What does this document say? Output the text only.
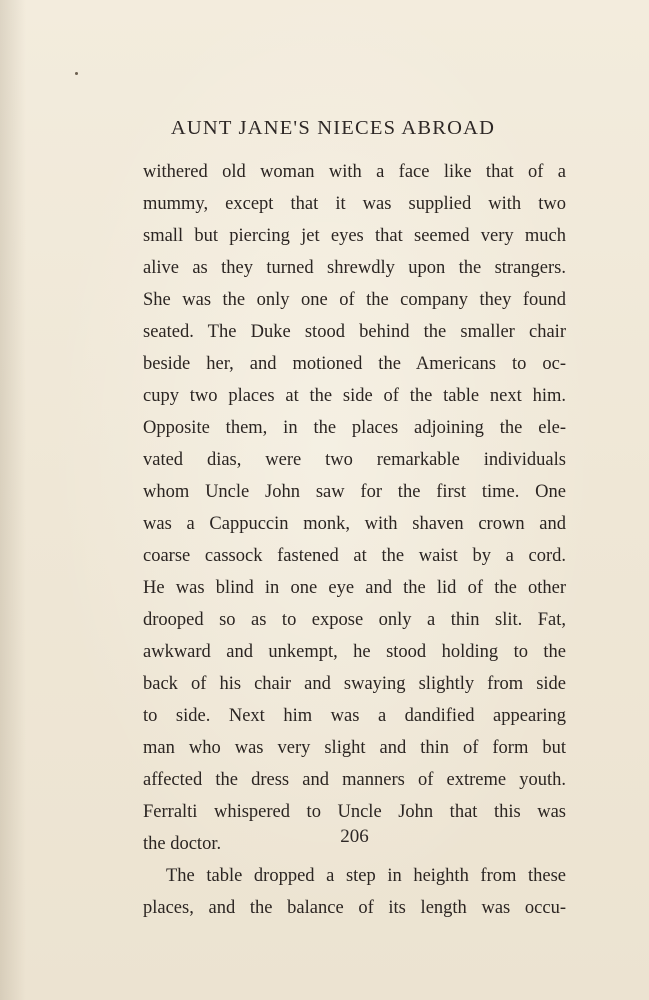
AUNT JANE'S NIECES ABROAD
withered old woman with a face like that of a
mummy, except that it was supplied with two
small but piercing jet eyes that seemed very much
alive as they turned shrewdly upon the strangers.
She was the only one of the company they found
seated. The Duke stood behind the smaller chair
beside her, and motioned the Americans to oc-
cupy two places at the side of the table next him.
Opposite them, in the places adjoining the ele-
vated dias, were two remarkable individuals
whom Uncle John saw for the first time. One
was a Cappuccin monk, with shaven crown and
coarse cassock fastened at the waist by a cord.
He was blind in one eye and the lid of the other
drooped so as to expose only a thin slit. Fat,
awkward and unkempt, he stood holding to the
back of his chair and swaying slightly from side
to side. Next him was a dandified appearing
man who was very slight and thin of form but
affected the dress and manners of extreme youth.
Ferralti whispered to Uncle John that this was
the doctor.
The table dropped a step in heighth from these
places, and the balance of its length was occu-
206
